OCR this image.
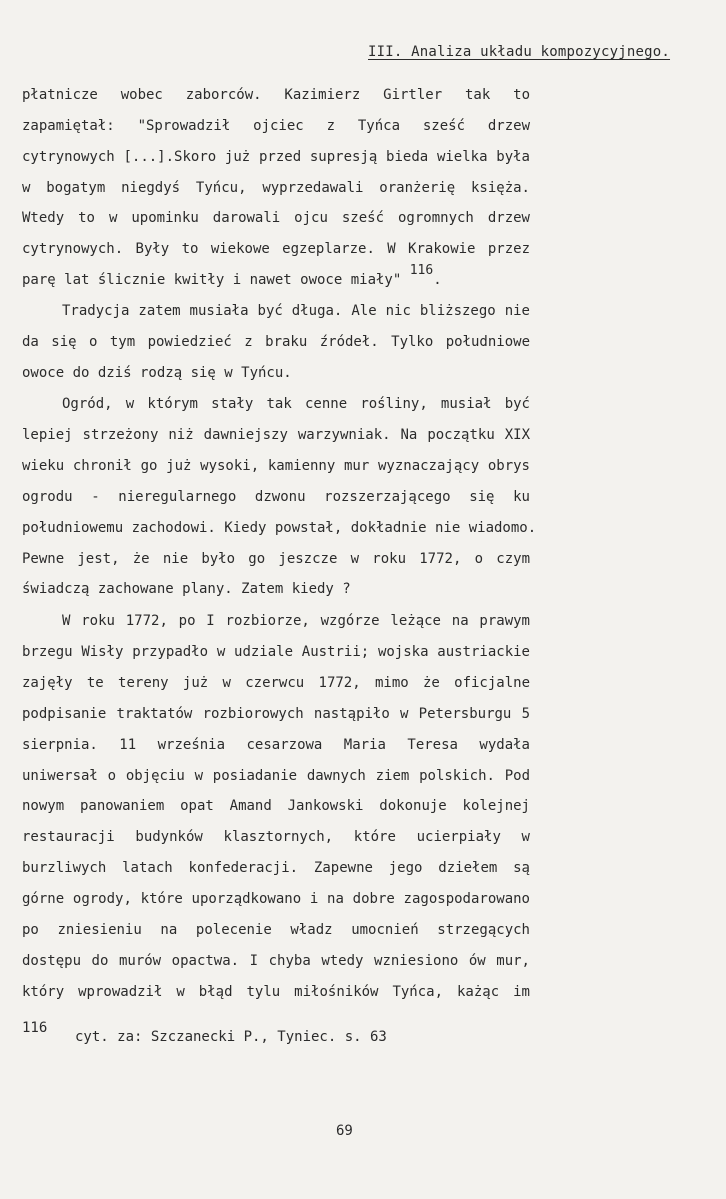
III. Analiza układu kompozycyjnego.
płatnicze wobec zaborców. Kazimierz Girtler tak to
zapamiętał: "Sprowadził ojciec z Tyńca sześć drzew
cytrynowych [...].Skoro już przed supresją bieda wielka była
w bogatym niegdyś Tyńcu, wyprzedawali oranżerię księża.
Wtedy to w upominku darowali ojcu sześć ogromnych drzew
cytrynowych. Były to wiekowe egzeplarze. W Krakowie przez
parę lat ślicznie kwitły i nawet owoce miały" 116.
Tradycja zatem musiała być długa. Ale nic bliższego nie
da się o tym powiedzieć z braku źródeł. Tylko południowe
owoce do dziś rodzą się w Tyńcu.
Ogród, w którym stały tak cenne rośliny, musiał być
lepiej strzeżony niż dawniejszy warzywniak. Na początku XIX
wieku chronił go już wysoki, kamienny mur wyznaczający obrys
ogrodu - nieregularnego dzwonu rozszerzającego się ku
południowemu zachodowi. Kiedy powstał, dokładnie nie wiadomo.
Pewne jest, że nie było go jeszcze w roku 1772, o czym
świadczą zachowane plany. Zatem kiedy ?
W roku 1772, po I rozbiorze, wzgórze leżące na prawym
brzegu Wisły przypadło w udziale Austrii; wojska austriackie
zajęły te tereny już w czerwcu 1772, mimo że oficjalne
podpisanie traktatów rozbiorowych nastąpiło w Petersburgu 5
sierpnia. 11 września cesarzowa Maria Teresa wydała
uniwersał o objęciu w posiadanie dawnych ziem polskich. Pod
nowym panowaniem opat Amand Jankowski dokonuje kolejnej
restauracji budynków klasztornych, które ucierpiały w
burzliwych latach konfederacji. Zapewne jego dziełem są
górne ogrody, które uporządkowano i na dobre zagospodarowano
po zniesieniu na polecenie władz umocnień strzegących
dostępu do murów opactwa. I chyba wtedy wzniesiono ów mur,
który wprowadził w błąd tylu miłośników Tyńca, każąc im
116
cyt. za: Szczanecki P., Tyniec. s. 63
69
